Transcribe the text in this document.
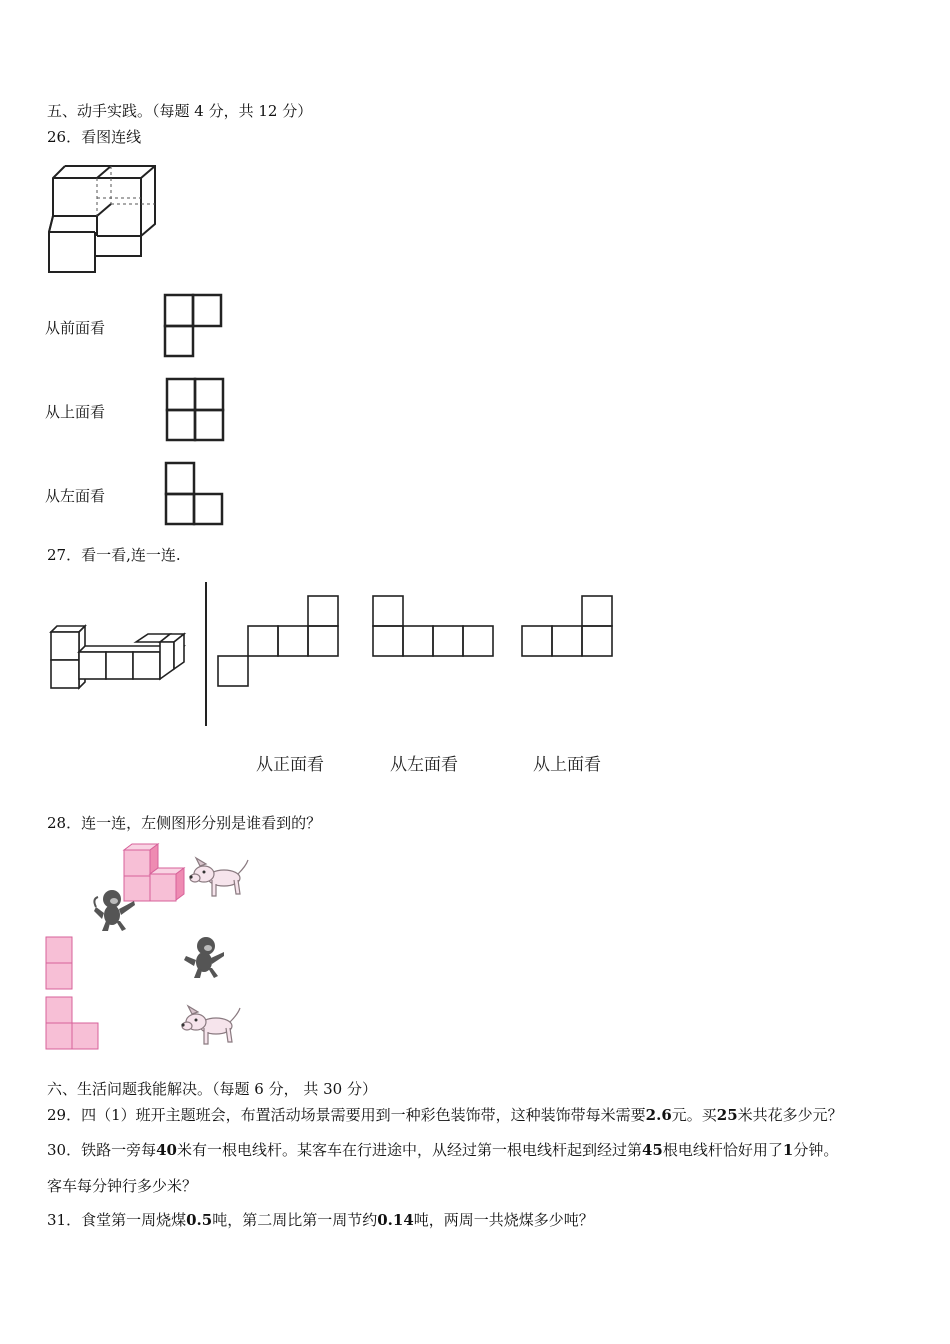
五、动手实践。（每题 4 分，共 12 分）
26．看图连线
从前面看
从上面看
从左面看
27．看一看,连一连.
从正面看	从左面看	从上面看
28．连一连，左侧图形分别是谁看到的？
六、生活问题我能解决。（每题 6 分， 共 30 分）
29．四（1）班开主题班会，布置活动场景需要用到一种彩色装饰带，这种装饰带每米需要2.6元。买25米共花多少元？
30．铁路一旁每40米有一根电线杆。某客车在行进途中，从经过第一根电线杆起到经过第45根电线杆恰好用了1分钟。
客车每分钟行多少米？
31．食堂第一周烧煤0.5吨，第二周比第一周节约0.14吨，两周一共烧煤多少吨？
